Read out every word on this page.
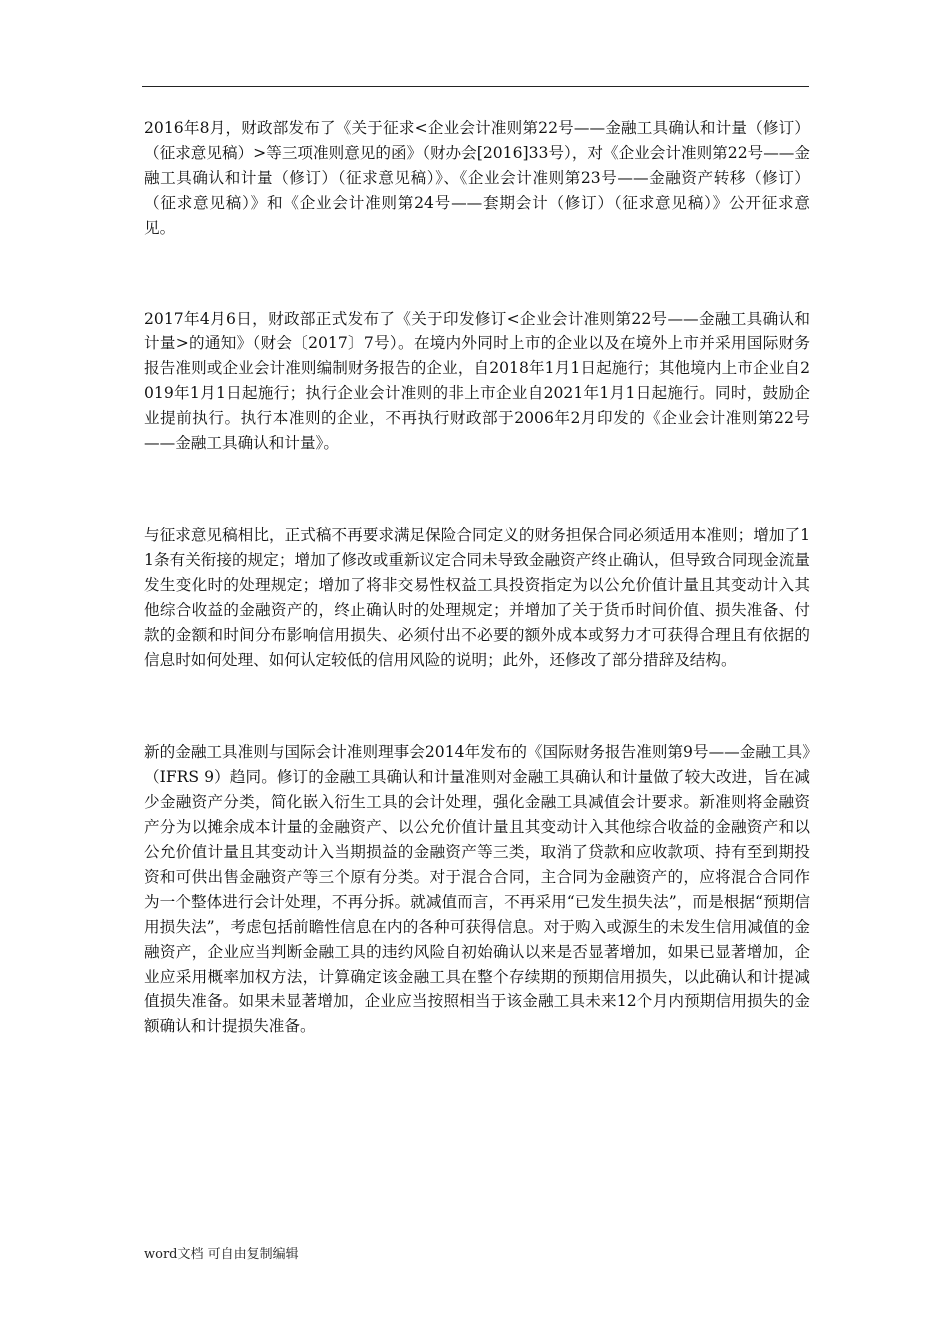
2016年8月，财政部发布了《关于征求<企业会计准则第22号——金融工具确认和计量（修订）（征求意见稿）>等三项准则意见的函》（财办会[2016]33号），对《企业会计准则第22号——金融工具确认和计量（修订）（征求意见稿）》、《企业会计准则第23号——金融资产转移（修订）（征求意见稿）》和《企业会计准则第24号——套期会计（修订）（征求意见稿）》公开征求意见。

2017年4月6日，财政部正式发布了《关于印发修订<企业会计准则第22号——金融工具确认和计量>的通知》（财会〔2017〕7号）。在境内外同时上市的企业以及在境外上市并采用国际财务报告准则或企业会计准则编制财务报告的企业，自2018年1月1日起施行；其他境内上市企业自2019年1月1日起施行；执行企业会计准则的非上市企业自2021年1月1日起施行。同时，鼓励企业提前执行。执行本准则的企业，不再执行财政部于2006年2月印发的《企业会计准则第22号——金融工具确认和计量》。

与征求意见稿相比，正式稿不再要求满足保险合同定义的财务担保合同必须适用本准则；增加了11条有关衔接的规定；增加了修改或重新议定合同未导致金融资产终止确认，但导致合同现金流量发生变化时的处理规定；增加了将非交易性权益工具投资指定为以公允价值计量且其变动计入其他综合收益的金融资产的，终止确认时的处理规定；并增加了关于货币时间价值、损失准备、付款的金额和时间分布影响信用损失、必须付出不必要的额外成本或努力才可获得合理且有依据的信息时如何处理、如何认定较低的信用风险的说明；此外，还修改了部分措辞及结构。

新的金融工具准则与国际会计准则理事会2014年发布的《国际财务报告准则第9号——金融工具》（IFRS 9）趋同。修订的金融工具确认和计量准则对金融工具确认和计量做了较大改进，旨在减少金融资产分类，简化嵌入衍生工具的会计处理，强化金融工具减值会计要求。新准则将金融资产分为以摊余成本计量的金融资产、以公允价值计量且其变动计入其他综合收益的金融资产和以公允价值计量且其变动计入当期损益的金融资产等三类，取消了贷款和应收款项、持有至到期投资和可供出售金融资产等三个原有分类。对于混合合同，主合同为金融资产的，应将混合合同作为一个整体进行会计处理，不再分拆。就减值而言，不再采用“已发生损失法”，而是根据“预期信用损失法”，考虑包括前瞻性信息在内的各种可获得信息。对于购入或源生的未发生信用减值的金融资产，企业应当判断金融工具的违约风险自初始确认以来是否显著增加，如果已显著增加，企业应采用概率加权方法，计算确定该金融工具在整个存续期的预期信用损失，以此确认和计提减值损失准备。如果未显著增加，企业应当按照相当于该金融工具未来12个月内预期信用损失的金额确认和计提损失准备。

word文档 可自由复制编辑
